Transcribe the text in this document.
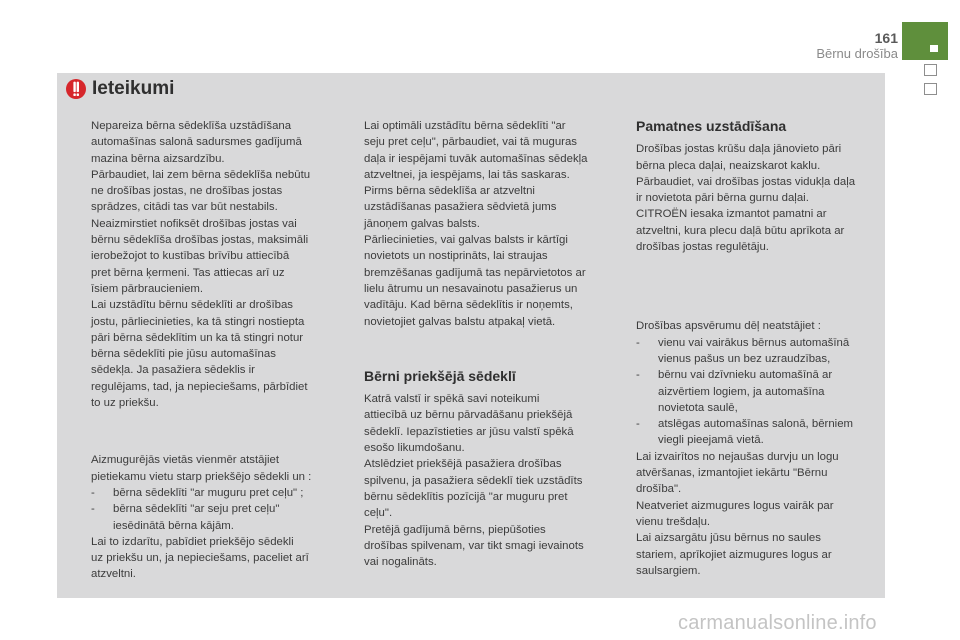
161
Bērnu drošība
Ieteikumi

Nepareiza bērna sēdeklīša uzstādīšana
automašīnas salonā sadursmes gadījumā
mazina bērna aizsardzību.
Pārbaudiet, lai zem bērna sēdeklīša nebūtu
ne drošības jostas, ne drošības jostas
sprādzes, citādi tas var būt nestabils.
Neaizmirstiet nofiksēt drošības jostas vai
bērnu sēdeklīša drošības jostas, maksimāli
ierobežojot to kustības brīvību attiecībā
pret bērna ķermeni. Tas attiecas arī uz
īsiem pārbraucieniem.
Lai uzstādītu bērnu sēdeklīti ar drošības
jostu, pārliecinieties, ka tā stingri nostiepta
pāri bērna sēdeklītim un ka tā stingri notur
bērna sēdeklīti pie jūsu automašīnas
sēdekļa. Ja pasažiera sēdeklis ir
regulējams, tad, ja nepieciešams, pārbīdiet
to uz priekšu.

Aizmugurējās vietās vienmēr atstājiet
pietiekamu vietu starp priekšējo sēdekli un :

-	bērna sēdeklīti "ar muguru pret ceļu" ;
-	bērna sēdeklīti "ar seju pret ceļu"
iesēdinātā bērna kājām.

Lai to izdarītu, pabīdiet priekšējo sēdekli
uz priekšu un, ja nepieciešams, paceliet arī
atzveltni.

Lai optimāli uzstādītu bērna sēdeklīti "ar
seju pret ceļu", pārbaudiet, vai tā muguras
daļa ir iespējami tuvāk automašīnas sēdekļa
atzveltnei, ja iespējams, lai tās saskaras.
Pirms bērna sēdeklīša ar atzveltni
uzstādīšanas pasažiera sēdvietā jums
jānoņem galvas balsts.
Pārliecinieties, vai galvas balsts ir kārtīgi
novietots un nostiprināts, lai straujas
bremzēšanas gadījumā tas nepārvietotos ar
lielu ātrumu un nesavainotu pasažierus un
vadītāju. Kad bērna sēdeklītis ir noņemts,
novietojiet galvas balstu atpakaļ vietā.

Bērni priekšējā sēdeklī

Katrā valstī ir spēkā savi noteikumi
attiecībā uz bērnu pārvadāšanu priekšējā
sēdeklī. Iepazīstieties ar jūsu valstī spēkā
esošo likumdošanu.
Atslēdziet priekšējā pasažiera drošības
spilvenu, ja pasažiera sēdeklī tiek uzstādīts
bērnu sēdeklītis pozīcijā "ar muguru pret
ceļu".
Pretējā gadījumā bērns, piepūšoties
drošības spilvenam, var tikt smagi ievainots
vai nogalināts.

Pamatnes uzstādīšana

Drošības jostas krūšu daļa jānovieto pāri
bērna pleca daļai, neaizskarot kaklu.
Pārbaudiet, vai drošības jostas vidukļa daļa
ir novietota pāri bērna gurnu daļai.
CITROËN iesaka izmantot pamatni ar
atzveltni, kura plecu daļā būtu aprīkota ar
drošības jostas regulētāju.

Drošības apsvērumu dēļ neatstājiet :

-	vienu vai vairākus bērnus automašīnā
vienus pašus un bez uzraudzības,
-	bērnu vai dzīvnieku automašīnā ar
aizvērtiem logiem, ja automašīna
novietota saulē,
-	atslēgas automašīnas salonā, bērniem
viegli pieejamā vietā.

Lai izvairītos no nejaušas durvju un logu
atvēršanas, izmantojiet iekārtu "Bērnu
drošība".
Neatveriet aizmugures logus vairāk par
vienu trešdaļu.
Lai aizsargātu jūsu bērnus no saules
stariem, aprīkojiet aizmugures logus ar
saulsargiem.

carmanualsonline.info
